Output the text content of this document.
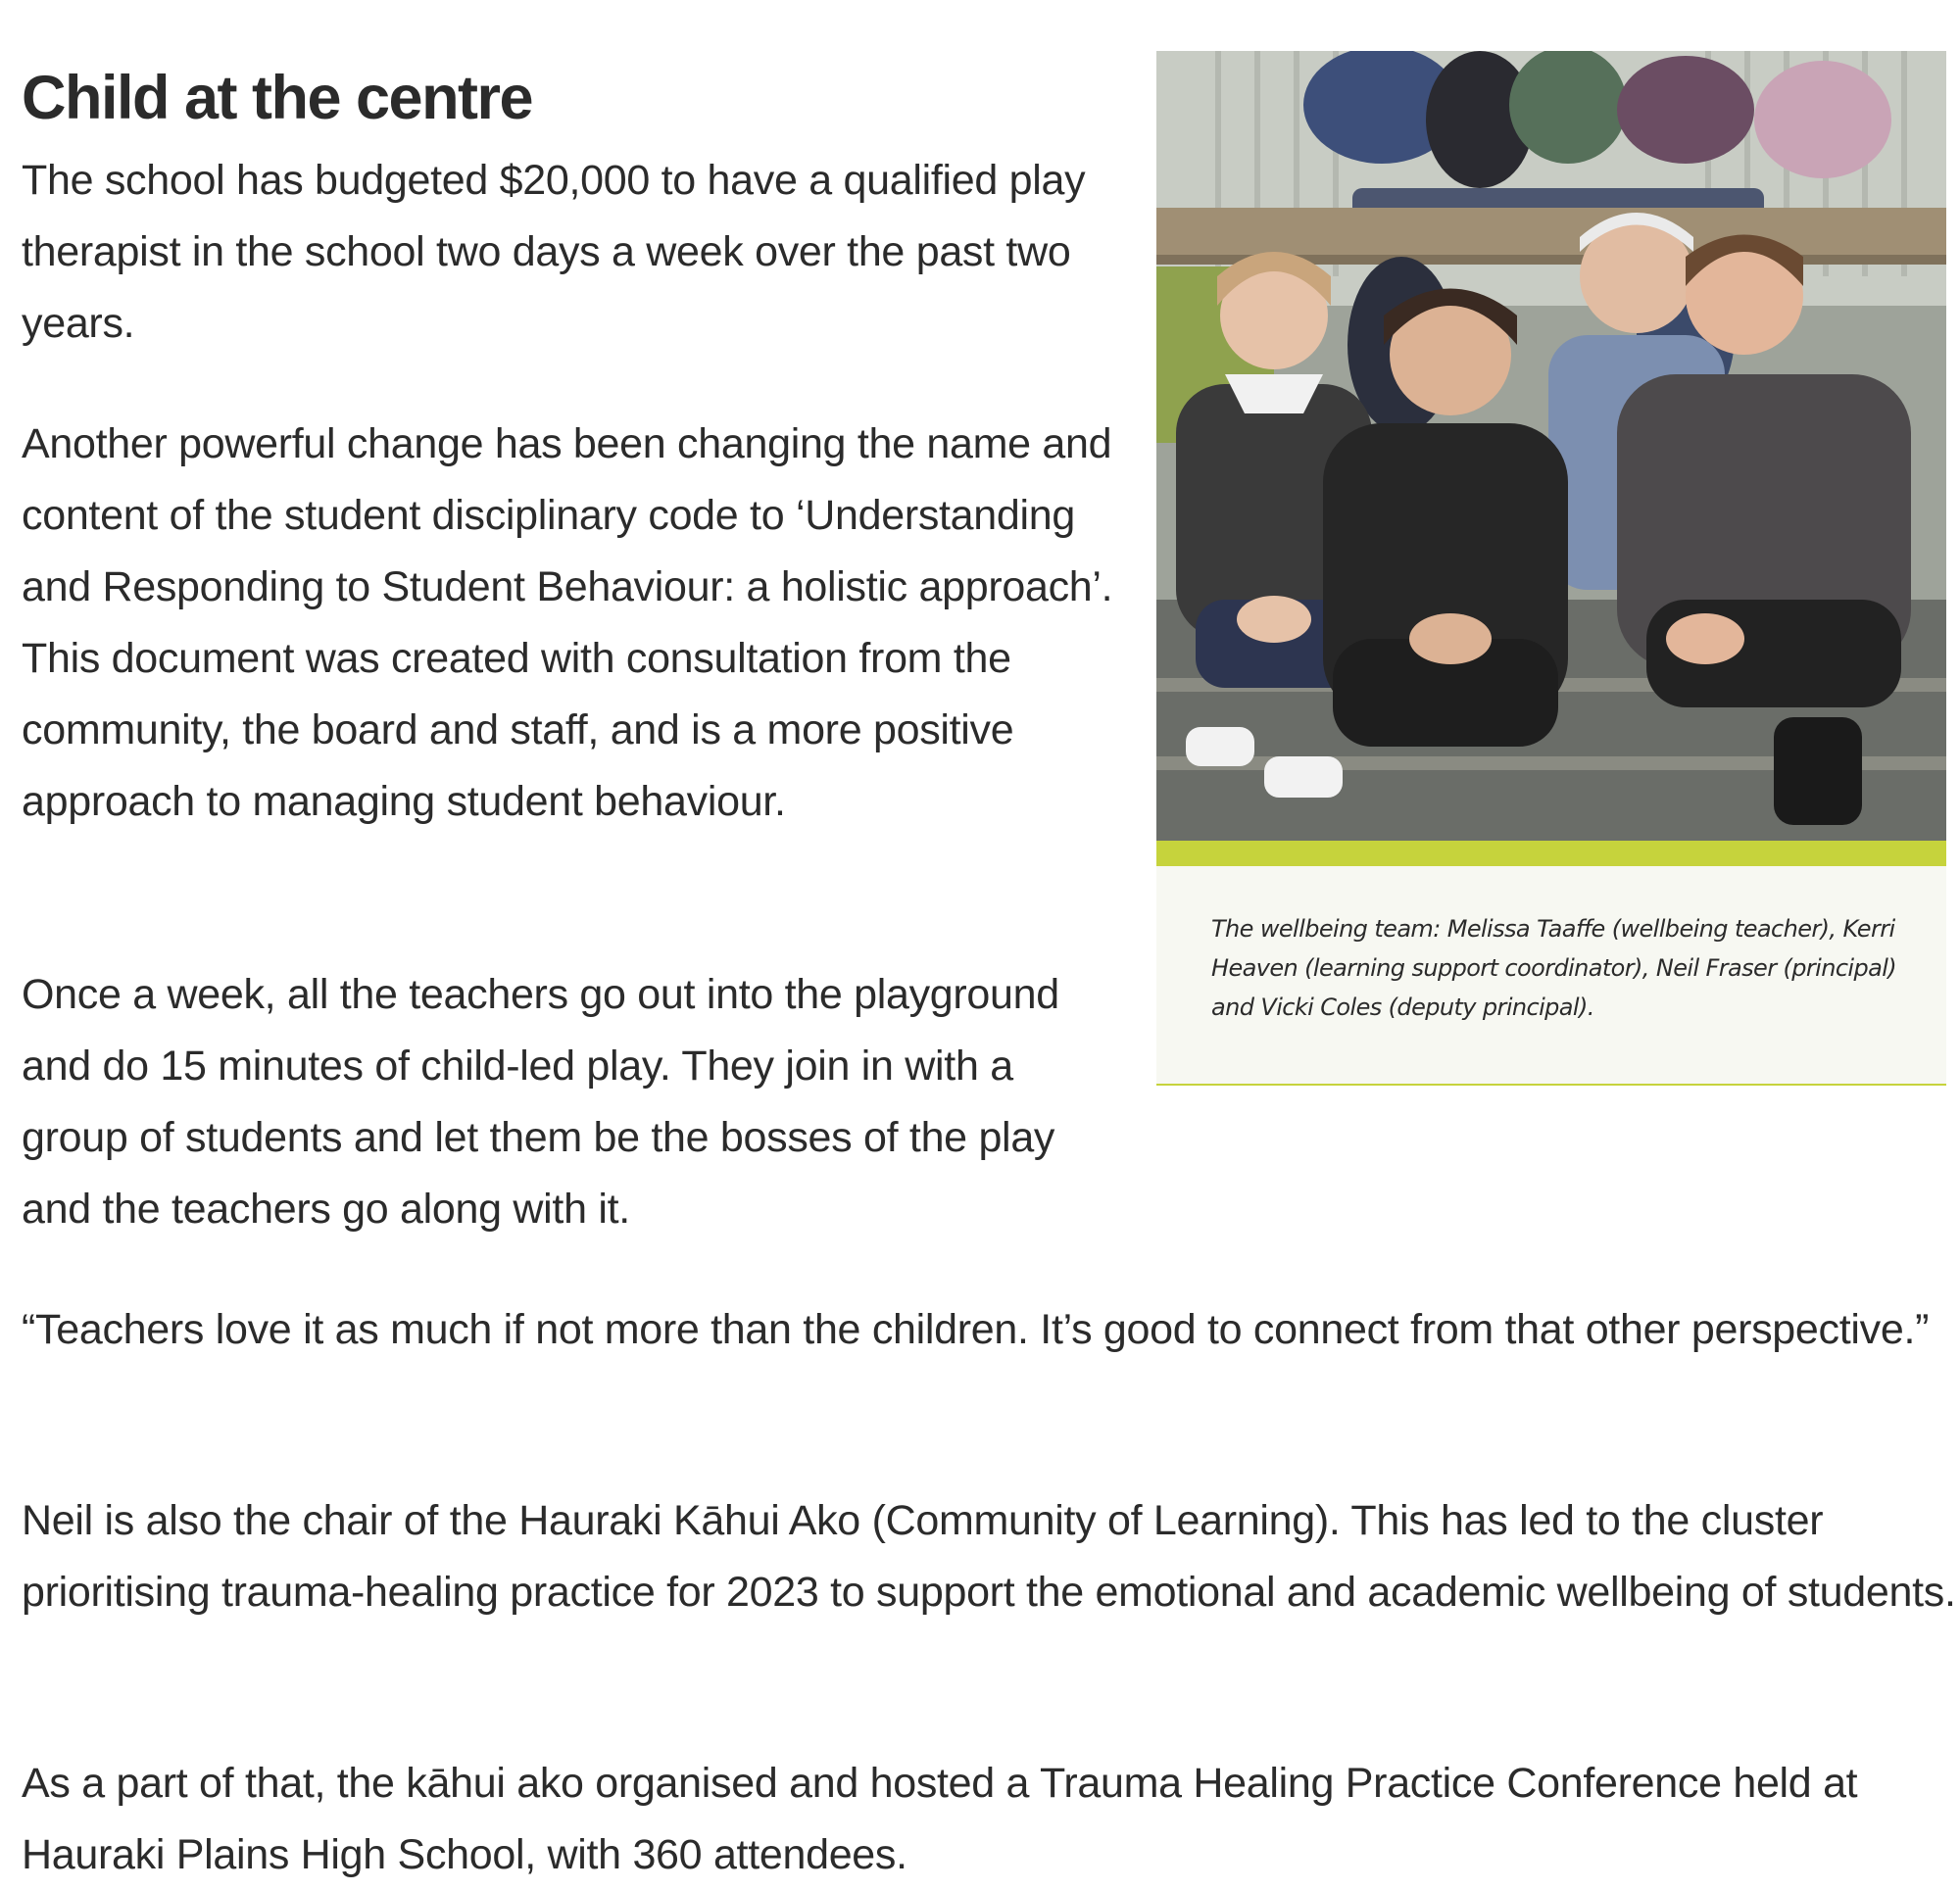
Child at the centre

The school has budgeted $20,000 to have a qualified play therapist in the school two days a week over the past two years.

Another powerful change has been changing the name and content of the student disciplinary code to ‘Understanding and Responding to Student Behaviour: a holistic approach’. This document was created with consultation from the community, the board and staff, and is a more positive approach to managing student behaviour.

Once a week, all the teachers go out into the playground and do 15 minutes of child-led play. They join in with a group of students and let them be the bosses of the play and the teachers go along with it.

“Teachers love it as much if not more than the children. It’s good to connect from that other perspective.”

Neil is also the chair of the Hauraki Kāhui Ako (Community of Learning). This has led to the cluster prioritising trauma-healing practice for 2023 to support the emotional and academic wellbeing of students.

As a part of that, the kāhui ako organised and hosted a Trauma Healing Practice Conference held at Hauraki Plains High School, with 360 attendees.

The wellbeing team: Melissa Taaffe (wellbeing teacher), Kerri Heaven (learning support coordinator), Neil Fraser (principal) and Vicki Coles (deputy principal).
